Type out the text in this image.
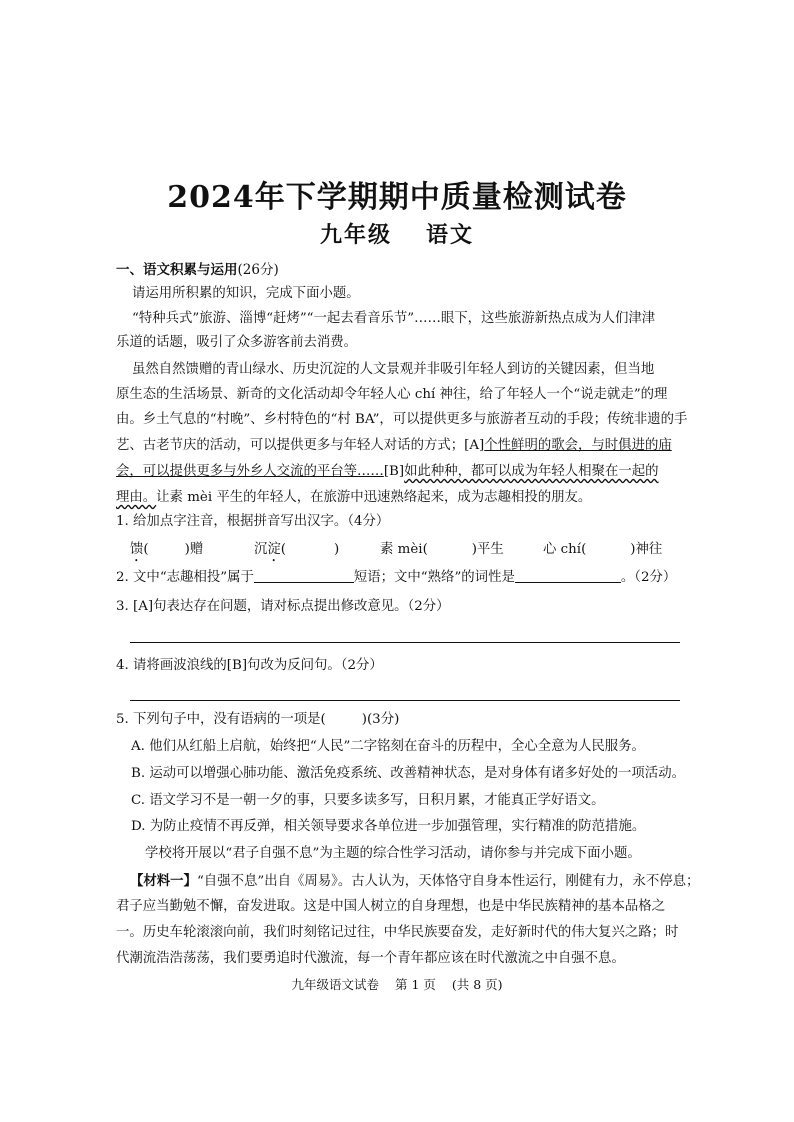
2024年下学期期中质量检测试卷
九年级 语文
一、语文积累与运用(26分)
请运用所积累的知识，完成下面小题。
“特种兵式”旅游、淄博“赶烤”“一起去看音乐节”……眼下，这些旅游新热点成为人们津津
乐道的话题，吸引了众多游客前去消费。
虽然自然馈赠的青山绿水、历史沉淀的人文景观并非吸引年轻人到访的关键因素，但当地
原生态的生活场景、新奇的文化活动却令年轻人心 chí 神往，给了年轻人一个“说走就走”的理
由。乡土气息的“村晚”、乡村特色的“村 BA”，可以提供更多与旅游者互动的手段；传统非遗的手
艺、古老节庆的活动，可以提供更多与年轻人对话的方式；[A]个性鲜明的歌会，与时俱进的庙
会，可以提供更多与外乡人交流的平台等……[B]如此种种，都可以成为年轻人相聚在一起的
理由。让素 mèi 平生的年轻人，在旅游中迅速熟络起来，成为志趣相投的朋友。
1. 给加点字注音，根据拼音写出汉字。（4分）
馈(	)赠	沉淀(	)	素 mèi(	)平生	心 chí(	)神往
2. 文中“志趣相投”属于	短语；文中“熟络”的词性是	。（2分）
3. [A]句表达存在问题，请对标点提出修改意见。（2分）
4. 请将画波浪线的[B]句改为反问句。（2分）
5. 下列句子中，没有语病的一项是(	)(3分)
A. 他们从红船上启航，始终把“人民”二字铭刻在奋斗的历程中，全心全意为人民服务。
B. 运动可以增强心肺功能、激活免疫系统、改善精神状态，是对身体有诸多好处的一项活动。
C. 语文学习不是一朝一夕的事，只要多读多写，日积月累，才能真正学好语文。
D. 为防止疫情不再反弹，相关领导要求各单位进一步加强管理，实行精准的防范措施。
学校将开展以“君子自强不息”为主题的综合性学习活动，请你参与并完成下面小题。
【材料一】“自强不息”出自《周易》。古人认为，天体恪守自身本性运行，刚健有力，永不停息；
君子应当勤勉不懈，奋发进取。这是中国人树立的自身理想，也是中华民族精神的基本品格之
一。历史车轮滚滚向前，我们时刻铭记过往，中华民族要奋发，走好新时代的伟大复兴之路；时
代潮流浩浩荡荡，我们要勇追时代激流，每一个青年都应该在时代激流之中自强不息。
九年级语文试卷 第 1 页 (共 8 页)
